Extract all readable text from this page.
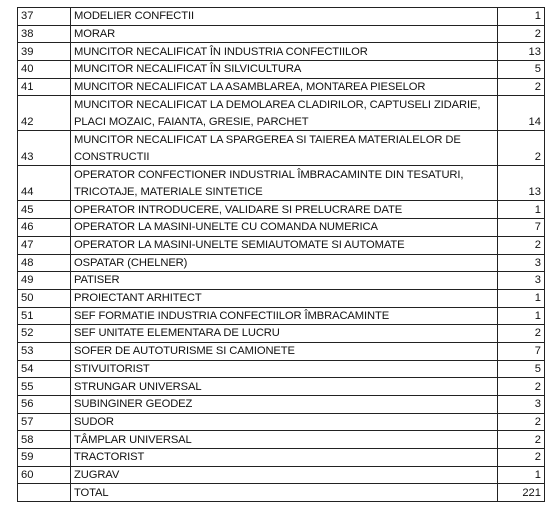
37	MODELIER CONFECTII	1
38	MORAR	2
39	MUNCITOR NECALIFICAT ÎN INDUSTRIA CONFECTIILOR	13
40	MUNCITOR NECALIFICAT ÎN SILVICULTURA	5
41	MUNCITOR NECALIFICAT LA ASAMBLAREA, MONTAREA PIESELOR	2
42	MUNCITOR NECALIFICAT LA DEMOLAREA CLADIRILOR, CAPTUSELI ZIDARIE, PLACI MOZAIC, FAIANTA, GRESIE, PARCHET	14
43	MUNCITOR NECALIFICAT LA SPARGEREA SI TAIEREA MATERIALELOR DE CONSTRUCTII	2
44	OPERATOR CONFECTIONER INDUSTRIAL ÎMBRACAMINTE DIN TESATURI, TRICOTAJE, MATERIALE SINTETICE	13
45	OPERATOR INTRODUCERE, VALIDARE SI PRELUCRARE DATE	1
46	OPERATOR LA MASINI-UNELTE CU COMANDA NUMERICA	7
47	OPERATOR LA MASINI-UNELTE SEMIAUTOMATE SI AUTOMATE	2
48	OSPATAR (CHELNER)	3
49	PATISER	3
50	PROIECTANT ARHITECT	1
51	SEF FORMATIE INDUSTRIA CONFECTIILOR ÎMBRACAMINTE	1
52	SEF UNITATE ELEMENTARA DE LUCRU	2
53	SOFER DE AUTOTURISME SI CAMIONETE	7
54	STIVUITORIST	5
55	STRUNGAR UNIVERSAL	2
56	SUBINGINER GEODEZ	3
57	SUDOR	2
58	TÂMPLAR UNIVERSAL	2
59	TRACTORIST	2
60	ZUGRAV	1
	TOTAL	221
